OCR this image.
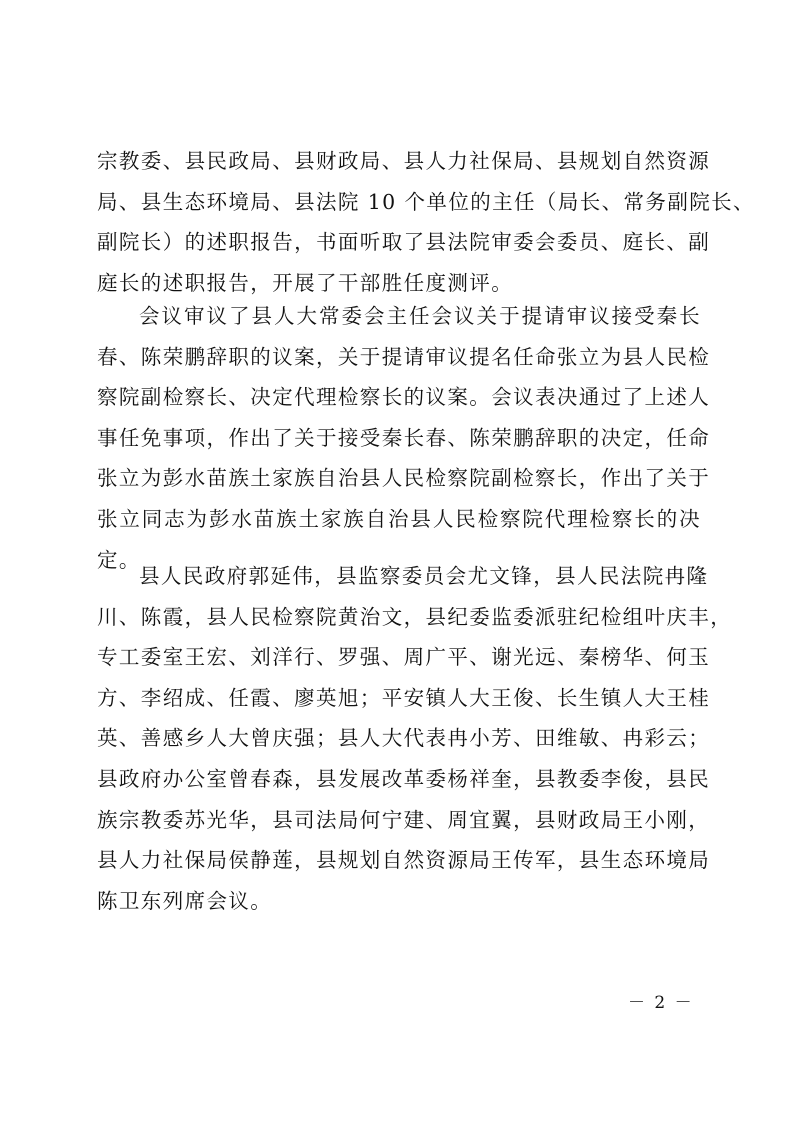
宗教委、县民政局、县财政局、县人力社保局、县规划自然资源
局、县生态环境局、县法院 10 个单位的主任（局长、常务副院长、
副院长）的述职报告，书面听取了县法院审委会委员、庭长、副
庭长的述职报告，开展了干部胜任度测评。

会议审议了县人大常委会主任会议关于提请审议接受秦长
春、陈荣鹏辞职的议案，关于提请审议提名任命张立为县人民检
察院副检察长、决定代理检察长的议案。会议表决通过了上述人
事任免事项，作出了关于接受秦长春、陈荣鹏辞职的决定，任命
张立为彭水苗族土家族自治县人民检察院副检察长，作出了关于
张立同志为彭水苗族土家族自治县人民检察院代理检察长的决
定。

县人民政府郭延伟，县监察委员会尤文锋，县人民法院冉隆
川、陈霞，县人民检察院黄治文，县纪委监委派驻纪检组叶庆丰，
专工委室王宏、刘洋行、罗强、周广平、谢光远、秦榜华、何玉
方、李绍成、任霞、廖英旭；平安镇人大王俊、长生镇人大王桂
英、善感乡人大曾庆强；县人大代表冉小芳、田维敏、冉彩云；
县政府办公室曾春森，县发展改革委杨祥奎，县教委李俊，县民
族宗教委苏光华，县司法局何宁建、周宜翼，县财政局王小刚，
县人力社保局侯静莲，县规划自然资源局王传军，县生态环境局
陈卫东列席会议。

－ 2 －
